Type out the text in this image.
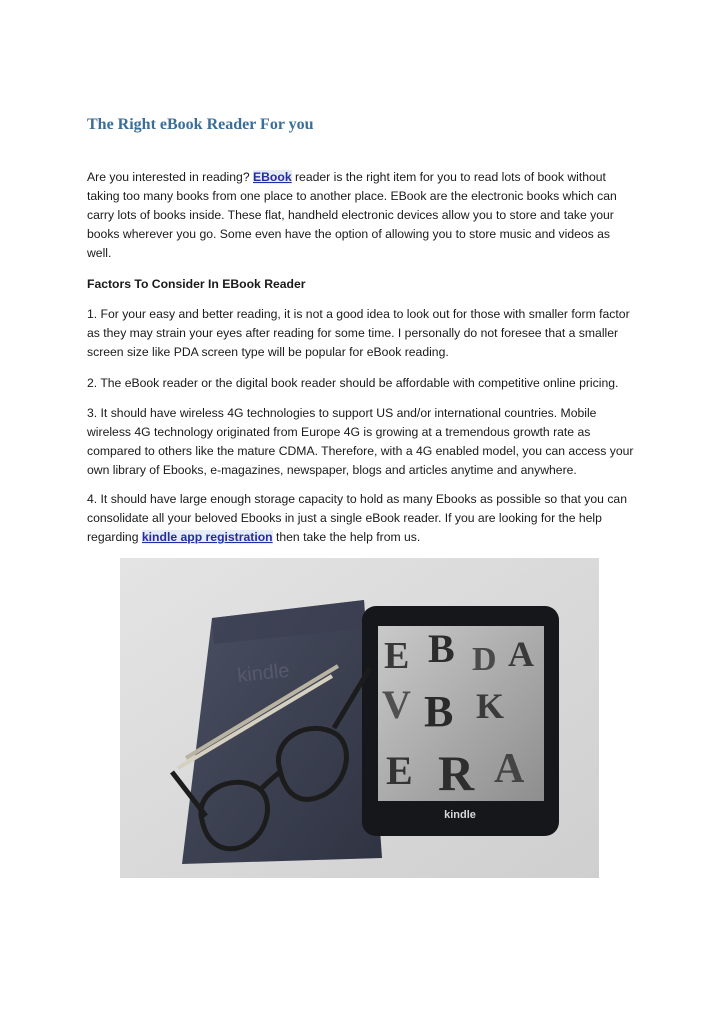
The Right eBook Reader For you

Are you interested in reading? EBook reader is the right item for you to read lots of book without taking too many books from one place to another place. EBook are the electronic books which can carry lots of books inside. These flat, handheld electronic devices allow you to store and take your books wherever you go. Some even have the option of allowing you to store music and videos as well.

Factors To Consider In EBook Reader

1. For your easy and better reading, it is not a good idea to look out for those with smaller form factor as they may strain your eyes after reading for some time. I personally do not foresee that a smaller screen size like PDA screen type will be popular for eBook reading.

2. The eBook reader or the digital book reader should be affordable with competitive online pricing.

3. It should have wireless 4G technologies to support US and/or international countries. Mobile wireless 4G technology originated from Europe 4G is growing at a tremendous growth rate as compared to others like the mature CDMA. Therefore, with a 4G enabled model, you can access your own library of Ebooks, e-magazines, newspaper, blogs and articles anytime and anywhere.

4. It should have large enough storage capacity to hold as many Ebooks as possible so that you can consolidate all your beloved Ebooks in just a single eBook reader. If you are looking for the help regarding kindle app registration then take the help from us.

kindle E B D A
V B K
E R A
kindle
